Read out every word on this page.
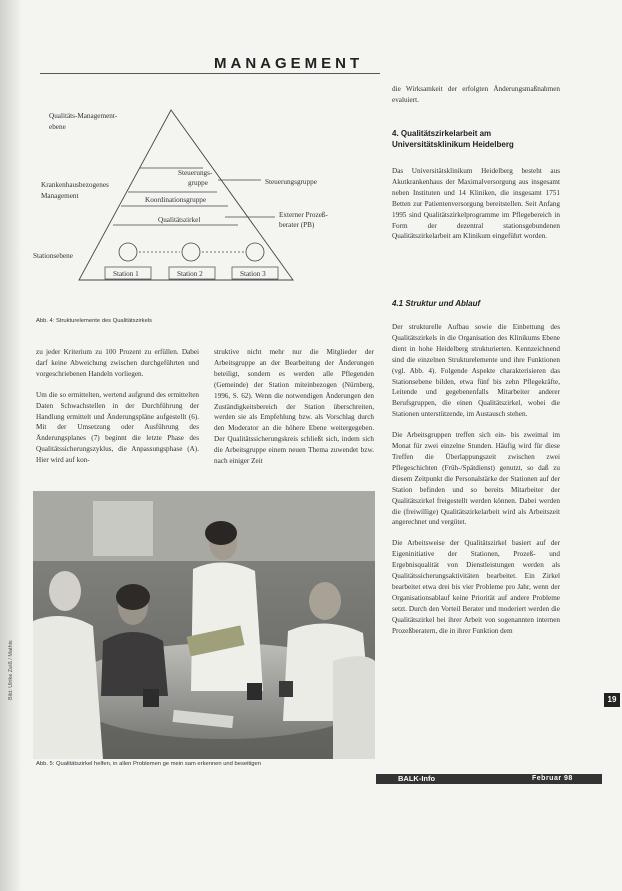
MANAGEMENT
Qualitäts-Management-
ebene
Krankenhausbezogenes
Management
Stationsebene
Steuerungs-
gruppe	Steuerungsgruppe
Koordinationsgruppe
Qualitätszirkel
Externer Prozeß-
berater (PB)
Station 1	Station 2	Station 3
Abb. 4: Strukturelemente des Qualitätszirkels

zu jeder Kriterium zu 100 Prozent zu erfüllen. Dabei darf keine Abweichung zwischen durchgeführten und vorgeschriebenen Handeln vorliegen.

Um die so ermittelten, wertend aufgrund des ermittelten Daten Schwachstellen in der Durchführung der Handlung ermittelt und Änderungspläne aufgestellt (6). Mit der Umsetzung oder Ausführung des Änderungsplanes (7) beginnt die letzte Phase des Qualitätssicherungszyklus, die Anpassungsphase (A). Hier wird auf kon-

struktive nicht mehr nur die Mitglieder der Arbeitsgruppe an der Bearbeitung der Änderungen beteiligt, sondern es werden alle Pflegenden (Gemeinde) der Station miteinbezogen (Nürnberg, 1996, S. 62). Wenn die notwendigen Änderungen den Zuständigkeitsbereich der Station überschreiten, werden sie als Empfehlung bzw. als Vorschlag durch den Moderator an die höhere Ebene weitergegeben. Der Qualitätssicherungskreis schließt sich, indem sich die Arbeitsgruppe einem neuen Thema zuwendet bzw. nach einiger Zeit

Abb. 5: Qualitätszirkel helfen, in allen Problemen ge mein sam erkennen und beseitigen
Bild: Ulrike Zeiß / Mathis

die Wirksamkeit der erfolgten Änderungsmaßnahmen evaluiert.

4. Qualitätszirkelarbeit am Universitätsklinikum Heidelberg

Das Universitätsklinikum Heidelberg besteht aus Akutkrankenhaus der Maximalversorgung aus insgesamt neben Instituten und 14 Kliniken, die insgesamt 1751 Betten zur Patientenversorgung bereitstellen. Seit Anfang 1995 sind Qualitätszirkelprogramme im Pflegebereich in Form der dezentral stationsgebundenen Qualitätszirkelarbeit am Klinikum eingeführt worden.

4.1 Struktur und Ablauf

Der strukturelle Aufbau sowie die Einbettung des Qualitätszirkels in die Organisation des Klinikums Ebene dient in hohe Heidelberg strukturierten. Kennzeichnend sind die einzelnen Strukturelemente und ihre Funktionen (vgl. Abb. 4). Folgende Aspekte charakterisieren das Stationsebene bilden, etwa fünf bis zehn Pflegekräfte, Leitende und gegebenenfalls Mitarbeiter anderer Berufsgruppen, die einen Qualitätszirkel, wobei die Stationen unterstützende, im Austausch stehen.

Die Arbeitsgruppen treffen sich ein- bis zweimal im Monat für zwei einzelne Stunden. Häufig wird für diese Treffen die Überlappungszeit zwischen zwei Pflegeschichten (Früh-/Spätdienst) genutzt, so daß zu diesem Zeitpunkt die Personalstärke der Stationen auf der Station befinden und so bereits Mitarbeiter der Qualitätszirkel freigestellt werden können. Dabei werden die (freiwillige) Qualitätszirkelarbeit wird als Arbeitszeit angerechnet und vergütet.

Die Arbeitsweise der Qualitätszirkel basiert auf der Eigeninitiative der Stationen, Prozeß- und Ergebnisqualität von Dienstleistungen werden als Qualitätssicherungsaktivitäten bearbeitet. Ein Zirkel bearbeitet etwa drei bis vier Probleme pro Jahr, wenn der Organisationsablauf keine Priorität auf andere Probleme setzt. Durch den Vorteil Berater und moderiert werden die Qualitätszirkel bei ihrer Arbeit von sogenannten internen Prozeßberatern, die in ihrer Funktion dem

19
BALK-Info	Februar 98
